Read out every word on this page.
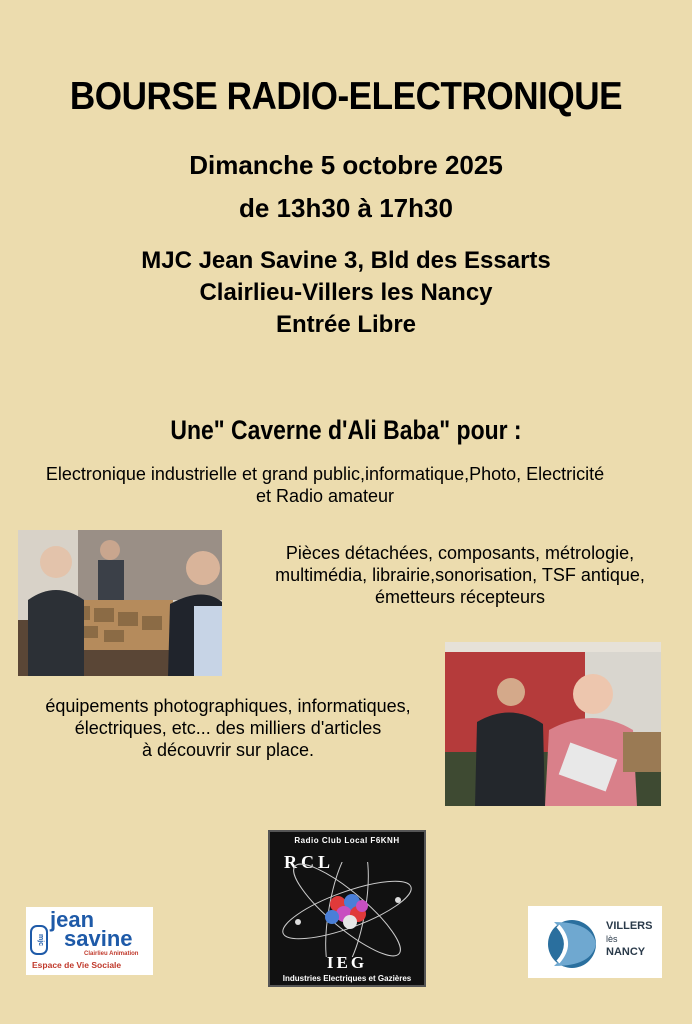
BOURSE RADIO-ELECTRONIQUE
Dimanche 5 octobre 2025
de 13h30 à 17h30
MJC Jean Savine 3, Bld des Essarts
Clairlieu-Villers les Nancy
Entrée Libre
Une" Caverne d'Ali Baba" pour :
Electronique industrielle et grand public,informatique,Photo, Electricité
et Radio amateur
Pièces détachées, composants, métrologie,
multimédia, librairie,sonorisation, TSF antique,
émetteurs récepteurs
équipements photographiques, informatiques,
électriques, etc... des milliers d'articles
à découvrir sur place.
Radio Club Local F6KNH
RCL
IEG
Industries Electriques et Gazières
mjc
jean
savine
Clairlieu Animation
Espace de Vie Sociale
VILLERS
lès
NANCY
